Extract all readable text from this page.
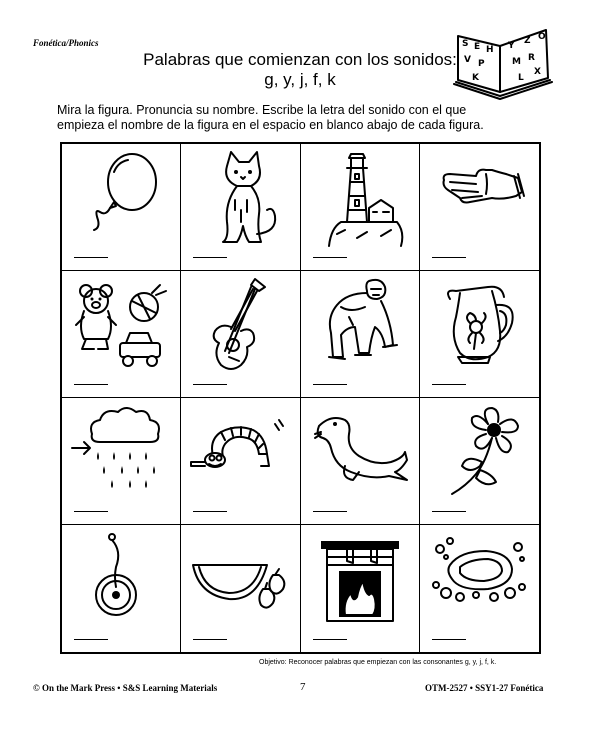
Fonética/Phonics
Palabras que comienzan con los sonidos:
g, y, j, f, k
S E H Y Z O
V P	M R
K	L
X
Mira la figura. Pronuncia su nombre. Escribe la letra del sonido con el que
empieza el nombre de la figura en el espacio en blanco abajo de cada figura.
Objetivo: Reconocer palabras que empiezan con las consonantes g, y, j, f, k.
© On the Mark Press • S&S Learning Materials	7	OTM-2527 • SSY1-27 Fonética
